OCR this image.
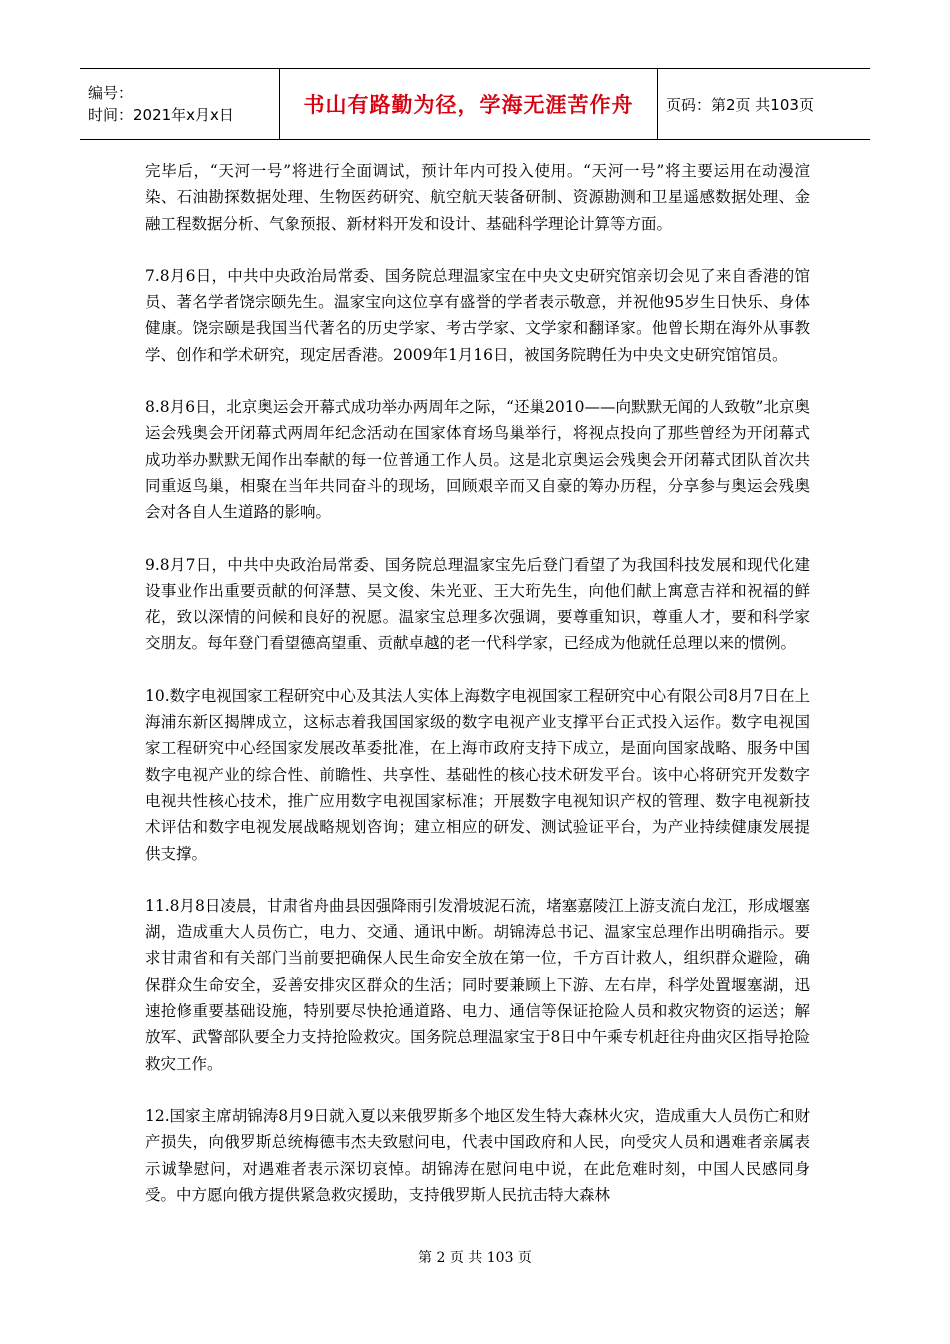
编号：
时间：2021年x月x日	书山有路勤为径，学海无涯苦作舟 页码：第2页 共103页

完毕后，“天河一号”将进行全面调试，预计年内可投入使用。“天河一号”将主要运用在动漫渲染、石油勘探数据处理、生物医药研究、航空航天装备研制、资源勘测和卫星遥感数据处理、金融工程数据分析、气象预报、新材料开发和设计、基础科学理论计算等方面。

7.8月6日，中共中央政治局常委、国务院总理温家宝在中央文史研究馆亲切会见了来自香港的馆员、著名学者饶宗颐先生。温家宝向这位享有盛誉的学者表示敬意，并祝他95岁生日快乐、身体健康。饶宗颐是我国当代著名的历史学家、考古学家、文学家和翻译家。他曾长期在海外从事教学、创作和学术研究，现定居香港。2009年1月16日，被国务院聘任为中央文史研究馆馆员。

8.8月6日，北京奥运会开幕式成功举办两周年之际，“还巢2010——向默默无闻的人致敬”北京奥运会残奥会开闭幕式两周年纪念活动在国家体育场鸟巢举行，将视点投向了那些曾经为开闭幕式成功举办默默无闻作出奉献的每一位普通工作人员。这是北京奥运会残奥会开闭幕式团队首次共同重返鸟巢，相聚在当年共同奋斗的现场，回顾艰辛而又自豪的筹办历程，分享参与奥运会残奥会对各自人生道路的影响。

9.8月7日，中共中央政治局常委、国务院总理温家宝先后登门看望了为我国科技发展和现代化建设事业作出重要贡献的何泽慧、吴文俊、朱光亚、王大珩先生，向他们献上寓意吉祥和祝福的鲜花，致以深情的问候和良好的祝愿。温家宝总理多次强调，要尊重知识，尊重人才，要和科学家交朋友。每年登门看望德高望重、贡献卓越的老一代科学家，已经成为他就任总理以来的惯例。

10.数字电视国家工程研究中心及其法人实体上海数字电视国家工程研究中心有限公司8月7日在上海浦东新区揭牌成立，这标志着我国国家级的数字电视产业支撑平台正式投入运作。数字电视国家工程研究中心经国家发展改革委批准，在上海市政府支持下成立，是面向国家战略、服务中国数字电视产业的综合性、前瞻性、共享性、基础性的核心技术研发平台。该中心将研究开发数字电视共性核心技术，推广应用数字电视国家标准；开展数字电视知识产权的管理、数字电视新技术评估和数字电视发展战略规划咨询；建立相应的研发、测试验证平台，为产业持续健康发展提供支撑。

11.8月8日凌晨，甘肃省舟曲县因强降雨引发滑坡泥石流，堵塞嘉陵江上游支流白龙江，形成堰塞湖，造成重大人员伤亡，电力、交通、通讯中断。胡锦涛总书记、温家宝总理作出明确指示。要求甘肃省和有关部门当前要把确保人民生命安全放在第一位，千方百计救人，组织群众避险，确保群众生命安全，妥善安排灾区群众的生活；同时要兼顾上下游、左右岸，科学处置堰塞湖，迅速抢修重要基础设施，特别要尽快抢通道路、电力、通信等保证抢险人员和救灾物资的运送；解放军、武警部队要全力支持抢险救灾。国务院总理温家宝于8日中午乘专机赶往舟曲灾区指导抢险救灾工作。

12.国家主席胡锦涛8月9日就入夏以来俄罗斯多个地区发生特大森林火灾，造成重大人员伤亡和财产损失，向俄罗斯总统梅德韦杰夫致慰问电，代表中国政府和人民，向受灾人员和遇难者亲属表示诚挚慰问，对遇难者表示深切哀悼。胡锦涛在慰问电中说，在此危难时刻，中国人民感同身受。中方愿向俄方提供紧急救灾援助，支持俄罗斯人民抗击特大森林

第 2 页 共 103 页
